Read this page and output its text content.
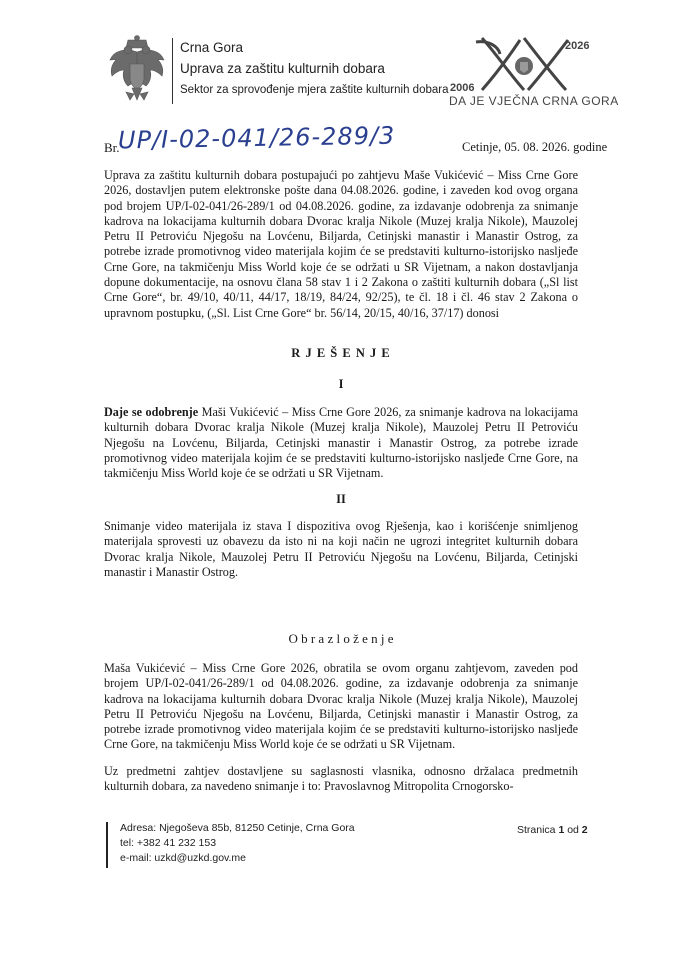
Crna Gora
Uprava za zaštitu kulturnih dobara
Sektor za sprovođenje mjera zaštite kulturnih dobara
2026
2006
DA JE VJEČNA CRNA GORA
Br.
UP/I-02-041/26-289/3	Cetinje, 05. 08. 2026. godine
Uprava za zaštitu kulturnih dobara postupajući po zahtjevu Maše Vukićević – Miss Crne Gore 2026, dostavljen putem elektronske pošte dana 04.08.2026. godine, i zaveden kod ovog organa pod brojem UP/I-02-041/26-289/1 od 04.08.2026. godine, za izdavanje odobrenja za snimanje kadrova na lokacijama kulturnih dobara Dvorac kralja Nikole (Muzej kralja Nikole), Mauzolej Petru II Petroviću Njegošu na Lovćenu, Biljarda, Cetinjski manastir i Manastir Ostrog, za potrebe izrade promotivnog video materijala kojim će se predstaviti kulturno-istorijsko nasljeđe Crne Gore, na takmičenju Miss World koje će se održati u SR Vijetnam, a nakon dostavljanja dopune dokumentacije, na osnovu člana 58 stav 1 i 2 Zakona o zaštiti kulturnih dobara („Sl list Crne Gore“, br. 49/10, 40/11, 44/17, 18/19, 84/24, 92/25), te čl. 18 i čl. 46 stav 2 Zakona o upravnom postupku, („Sl. List Crne Gore“ br. 56/14, 20/15, 40/16, 37/17) donosi
R J E Š E N J E
I
Daje se odobrenje Maši Vukićević – Miss Crne Gore 2026, za snimanje kadrova na lokacijama kulturnih dobara Dvorac kralja Nikole (Muzej kralja Nikole), Mauzolej Petru II Petroviću Njegošu na Lovćenu, Biljarda, Cetinjski manastir i Manastir Ostrog, za potrebe izrade promotivnog video materijala kojim će se predstaviti kulturno-istorijsko nasljeđe Crne Gore, na takmičenju Miss World koje će se održati u SR Vijetnam.
II
Snimanje video materijala iz stava I dispozitiva ovog Rješenja, kao i korišćenje snimljenog materijala sprovesti uz obavezu da isto ni na koji način ne ugrozi integritet kulturnih dobara Dvorac kralja Nikole, Mauzolej Petru II Petroviću Njegošu na Lovćenu, Biljarda, Cetinjski manastir i Manastir Ostrog.
O b r a z l o ž e n j e
Maša Vukićević – Miss Crne Gore 2026, obratila se ovom organu zahtjevom, zaveden pod brojem UP/I-02-041/26-289/1 od 04.08.2026. godine, za izdavanje odobrenja za snimanje kadrova na lokacijama kulturnih dobara Dvorac kralja Nikole (Muzej kralja Nikole), Mauzolej Petru II Petroviću Njegošu na Lovćenu, Biljarda, Cetinjski manastir i Manastir Ostrog, za potrebe izrade promotivnog video materijala kojim će se predstaviti kulturno-istorijsko nasljeđe Crne Gore, na takmičenju Miss World koje će se održati u SR Vijetnam.
Uz predmetni zahtjev dostavljene su saglasnosti vlasnika, odnosno držalaca predmetnih kulturnih dobara, za navedeno snimanje i to: Pravoslavnog Mitropolita Crnogorsko-
Adresa: Njegoševa 85b, 81250 Cetinje, Crna Gora
tel: +382 41 232 153
e-mail: uzkd@uzkd.gov.me
Stranica 1 od 2
